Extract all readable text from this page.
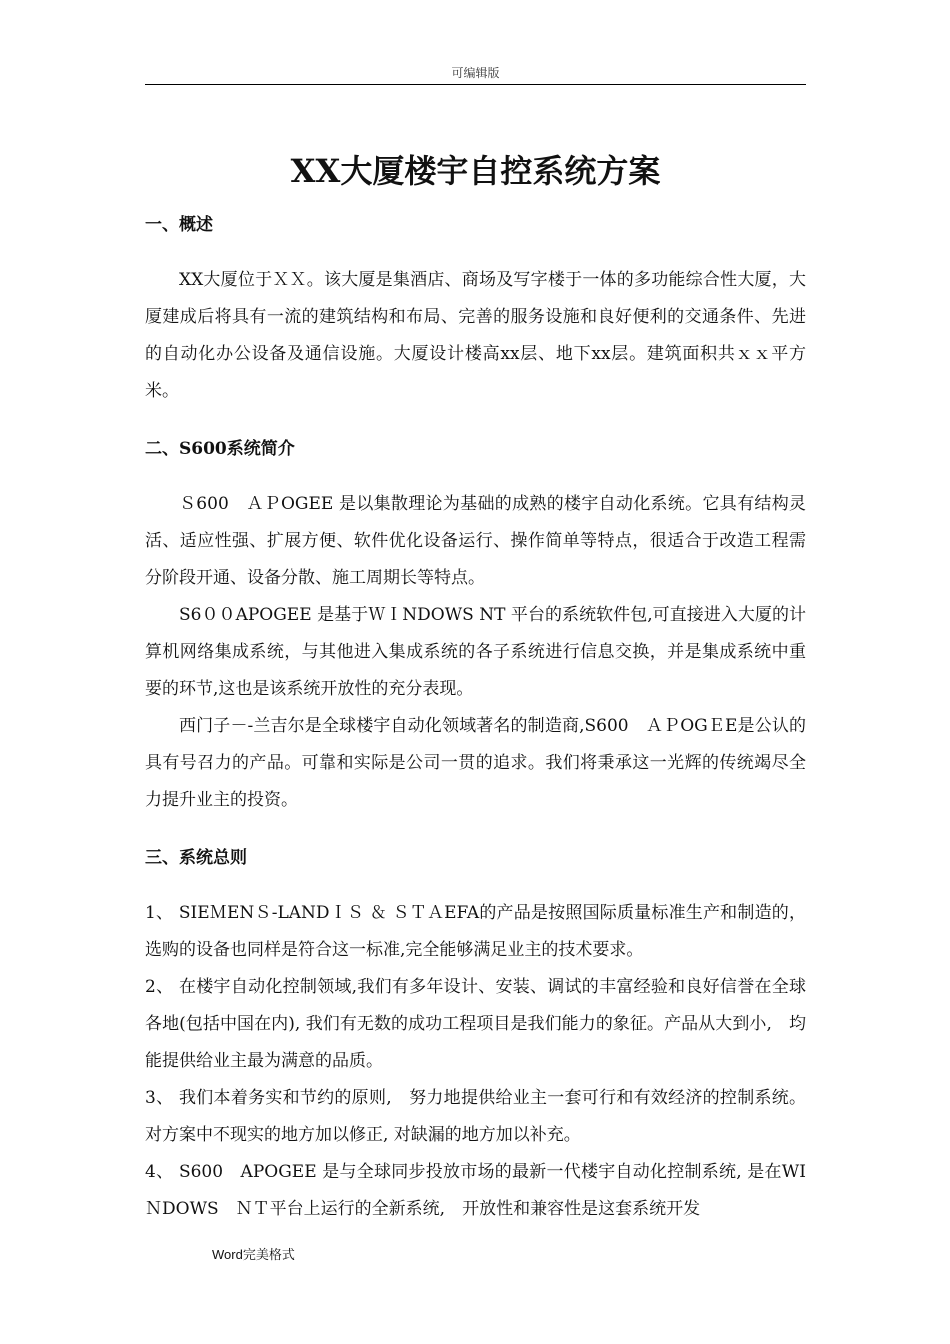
可编辑版
XX大厦楼宇自控系统方案

一、概述

XX大厦位于ＸＸ。该大厦是集酒店、商场及写字楼于一体的多功能综合性大厦，大厦建成后将具有一流的建筑结构和布局、完善的服务设施和良好便利的交通条件、先进的自动化办公设备及通信设施。大厦设计楼高xx层、地下xx层。建筑面积共ｘｘ平方米。

二、S600系统简介

Ｓ600　ＡＰOGEE 是以集散理论为基础的成熟的楼宇自动化系统。它具有结构灵活、适应性强、扩展方便、软件优化设备运行、操作简单等特点，很适合于改造工程需分阶段开通、设备分散、施工周期长等特点。

S6００APOGEE 是基于ＷＩNDOWS NT 平台的系统软件包,可直接进入大厦的计算机网络集成系统，与其他进入集成系统的各子系统进行信息交换，并是集成系统中重要的环节,这也是该系统开放性的充分表现。

西门子－-兰吉尔是全球楼宇自动化领域著名的制造商,S600　ＡＰOGＥE是公认的具有号召力的产品。可靠和实际是公司一贯的追求。我们将秉承这一光辉的传统竭尽全力提升业主的投资。

三、系统总则

1、 SIEＭENＳ-LANDＩＳ ＆ ＳＴＡEFA的产品是按照国际质量标准生产和制造的，选购的设备也同样是符合这一标准,完全能够满足业主的技术要求。

2、 在楼宇自动化控制领域,我们有多年设计、安装、调试的丰富经验和良好信誉在全球各地(包括中国在内), 我们有无数的成功工程项目是我们能力的象征。产品从大到小,　均能提供给业主最为满意的品质。

3、 我们本着务实和节约的原则,　努力地提供给业主一套可行和有效经济的控制系统。对方案中不现实的地方加以修正, 对缺漏的地方加以补充。

4、 S600　APOGEE 是与全球同步投放市场的最新一代楼宇自动化控制系统, 是在WIＮDOWS　ＮＴ平台上运行的全新系统,　开放性和兼容性是这套系统开发

Word完美格式
